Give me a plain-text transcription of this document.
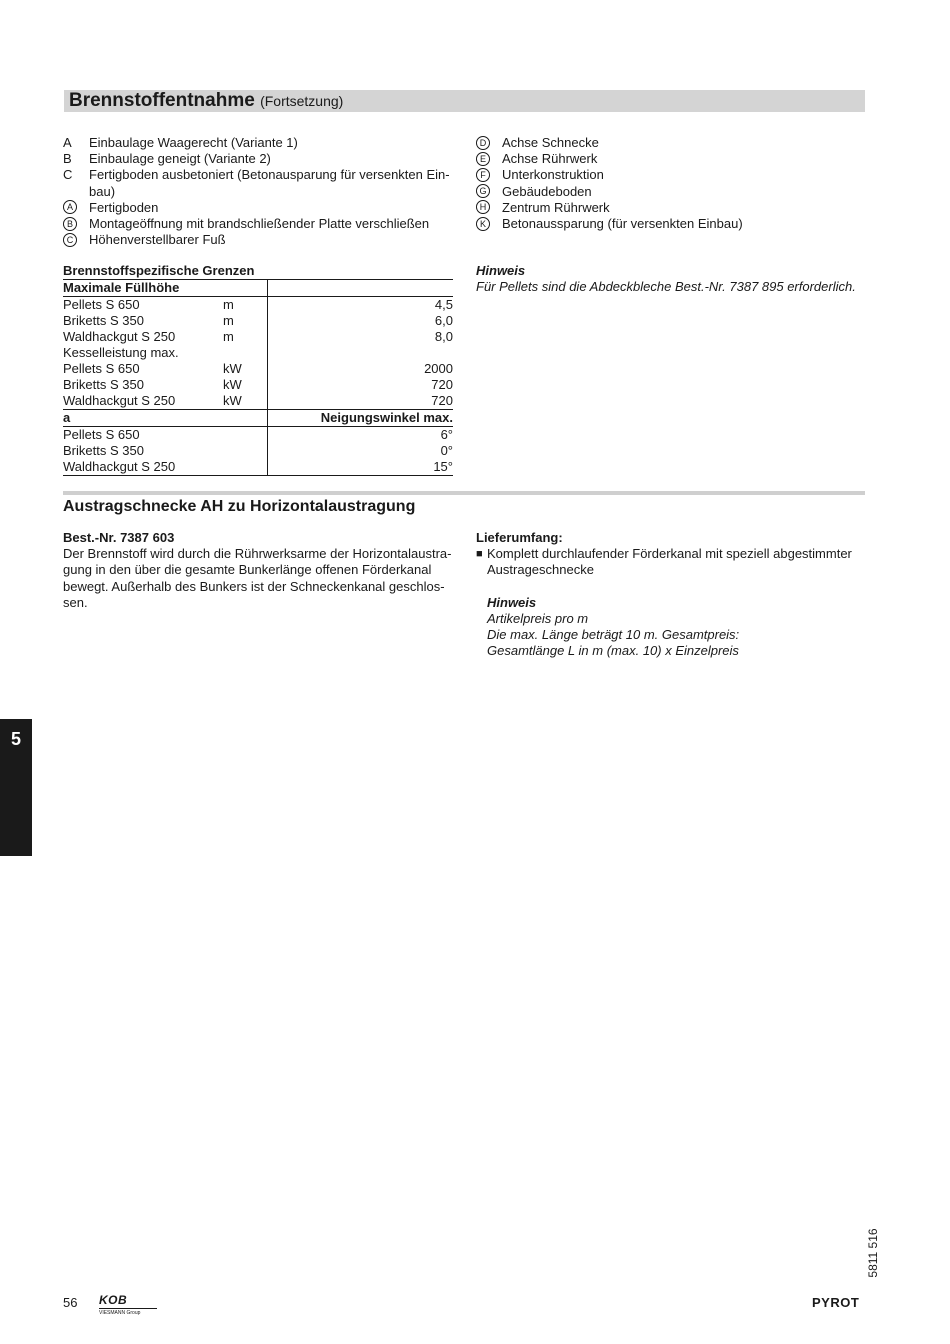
Brennstoffentnahme (Fortsetzung)
A	Einbaulage Waagerecht (Variante 1)
B	Einbaulage geneigt (Variante 2)
C	Fertigboden ausbetoniert (Betonausparung für versenkten Ein-
bau)
A	Fertigboden
B	Montageöffnung mit brandschließender Platte verschließen
C	Höhenverstellbarer Fuß
D	Achse Schnecke
E	Achse Rührwerk
F	Unterkonstruktion
G	Gebäudeboden
H	Zentrum Rührwerk
K	Betonaussparung (für versenkten Einbau)
Brennstoffspezifische Grenzen
Maximale Füllhöhe		
Pellets S 650	m	4,5
Briketts S 350	m	6,0
Waldhackgut S 250	m	8,0
Kesselleistung max.		
Pellets S 650	kW	2000
Briketts S 350	kW	720
Waldhackgut S 250	kW	720
a		Neigungswinkel max.
Pellets S 650		6°
Briketts S 350		0°
Waldhackgut S 250		15°
Hinweis
Für Pellets sind die Abdeckbleche Best.-Nr. 7387 895 erforderlich.
Austragschnecke AH zu Horizontalaustragung
Best.-Nr. 7387 603
Der Brennstoff wird durch die Rührwerksarme der Horizontalaustra-
gung in den über die gesamte Bunkerlänge offenen Förderkanal
bewegt. Außerhalb des Bunkers ist der Schneckenkanal geschlos-
sen.
Lieferumfang:
■ Komplett durchlaufender Förderkanal mit speziell abgestimmter
Austrageschnecke
Hinweis
Artikelpreis pro m
Die max. Länge beträgt 10 m. Gesamtpreis:
Gesamtlänge L in m (max. 10) x Einzelpreis
5
56 KOB
VIESMANN Group
PYROT
5811 516
